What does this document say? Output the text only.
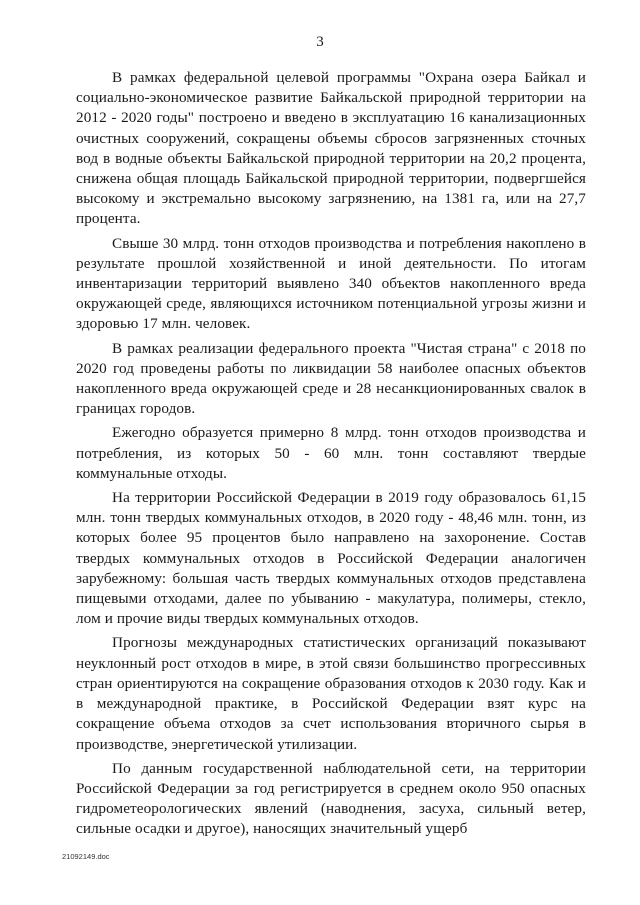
3

В рамках федеральной целевой программы "Охрана озера Байкал и социально-экономическое развитие Байкальской природной территории на 2012 - 2020 годы" построено и введено в эксплуатацию 16 канализационных очистных сооружений, сокращены объемы сбросов загрязненных сточных вод в водные объекты Байкальской природной территории на 20,2 процента, снижена общая площадь Байкальской природной территории, подвергшейся высокому и экстремально высокому загрязнению, на 1381 га, или на 27,7 процента.

Свыше 30 млрд. тонн отходов производства и потребления накоплено в результате прошлой хозяйственной и иной деятельности. По итогам инвентаризации территорий выявлено 340 объектов накопленного вреда окружающей среде, являющихся источником потенциальной угрозы жизни и здоровью 17 млн. человек.

В рамках реализации федерального проекта "Чистая страна" с 2018 по 2020 год проведены работы по ликвидации 58 наиболее опасных объектов накопленного вреда окружающей среде и 28 несанкционированных свалок в границах городов.

Ежегодно образуется примерно 8 млрд. тонн отходов производства и потребления, из которых 50 - 60 млн. тонн составляют твердые коммунальные отходы.

На территории Российской Федерации в 2019 году образовалось 61,15 млн. тонн твердых коммунальных отходов, в 2020 году - 48,46 млн. тонн, из которых более 95 процентов было направлено на захоронение. Состав твердых коммунальных отходов в Российской Федерации аналогичен зарубежному: большая часть твердых коммунальных отходов представлена пищевыми отходами, далее по убыванию - макулатура, полимеры, стекло, лом и прочие виды твердых коммунальных отходов.

Прогнозы международных статистических организаций показывают неуклонный рост отходов в мире, в этой связи большинство прогрессивных стран ориентируются на сокращение образования отходов к 2030 году. Как и в международной практике, в Российской Федерации взят курс на сокращение объема отходов за счет использования вторичного сырья в производстве, энергетической утилизации.

По данным государственной наблюдательной сети, на территории Российской Федерации за год регистрируется в среднем около 950 опасных гидрометеорологических явлений (наводнения, засуха, сильный ветер, сильные осадки и другое), наносящих значительный ущерб

21092149.doc
